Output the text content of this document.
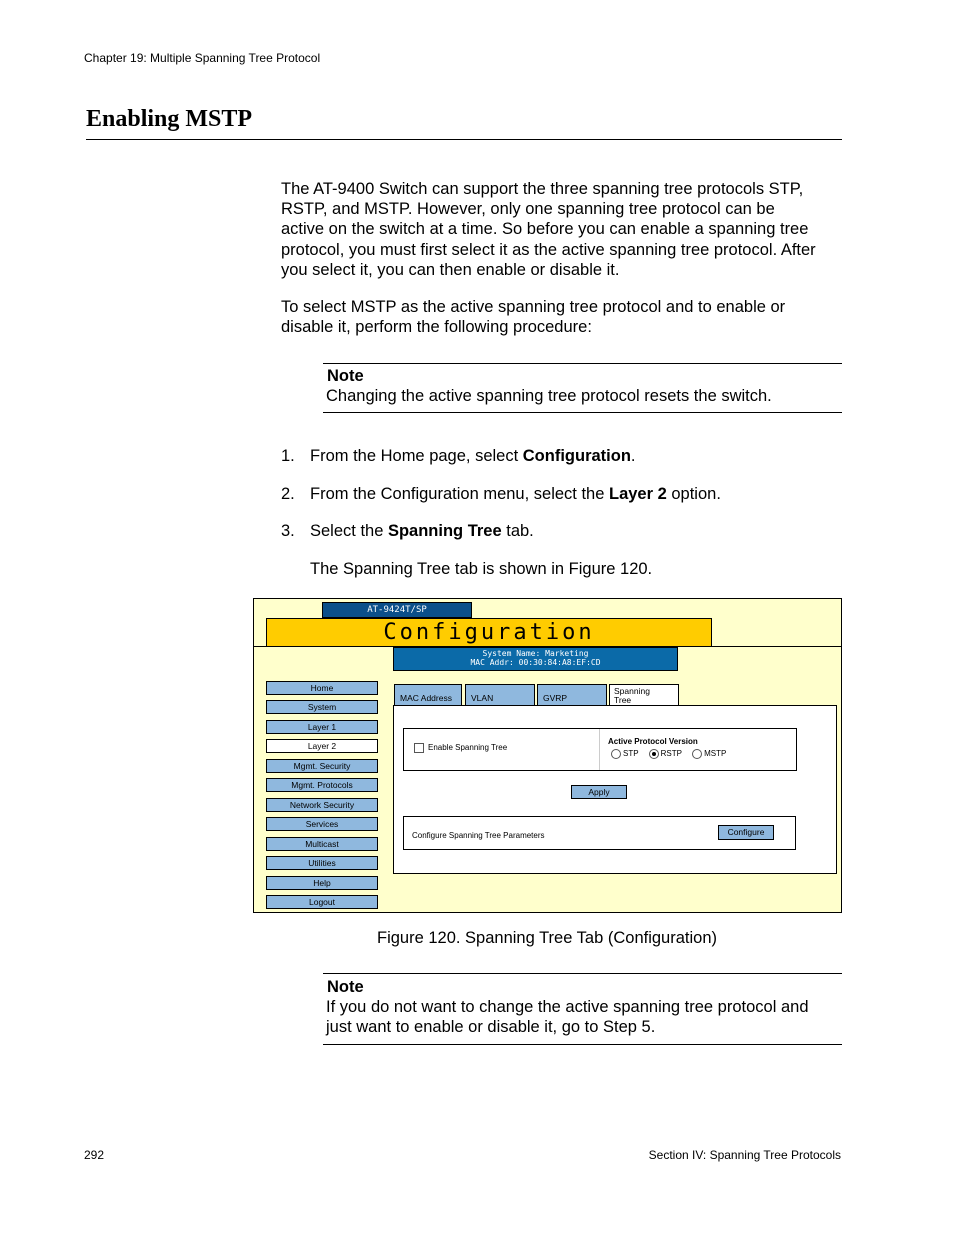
Chapter 19: Multiple Spanning Tree Protocol
Enabling MSTP
The AT-9400 Switch can support the three spanning tree protocols STP,
RSTP, and MSTP. However, only one spanning tree protocol can be
active on the switch at a time. So before you can enable a spanning tree
protocol, you must first select it as the active spanning tree protocol. After
you select it, you can then enable or disable it.
To select MSTP as the active spanning tree protocol and to enable or
disable it, perform the following procedure:
Note
Changing the active spanning tree protocol resets the switch.
1. From the Home page, select Configuration.
2. From the Configuration menu, select the Layer 2 option.
3. Select the Spanning Tree tab.
The Spanning Tree tab is shown in Figure 120.
AT-9424T/SP
Configuration
System Name: Marketing
MAC Addr: 00:30:84:A8:EF:CD
Home
System
Layer 1
Layer 2
Mgmt. Security
Mgmt. Protocols
Network Security
Services
Multicast
Utilities
Help
Logout
MAC Address VLAN	GVRP
Spanning
Tree
Enable Spanning Tree
Active Protocol Version
STP	RSTP	MSTP
Apply
Configure Spanning Tree Parameters	Configure
Figure 120. Spanning Tree Tab (Configuration)
Note
If you do not want to change the active spanning tree protocol and
just want to enable or disable it, go to Step 5.
292	Section IV: Spanning Tree Protocols
